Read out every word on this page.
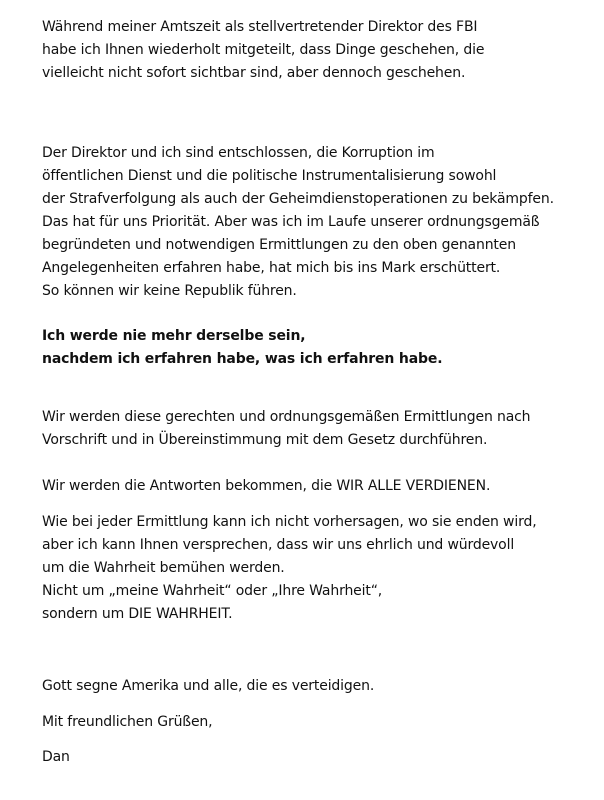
Während meiner Amtszeit als stellvertretender Direktor des FBI
habe ich Ihnen wiederholt mitgeteilt, dass Dinge geschehen, die
vielleicht nicht sofort sichtbar sind, aber dennoch geschehen.

Der Direktor und ich sind entschlossen, die Korruption im
öffentlichen Dienst und die politische Instrumentalisierung sowohl
der Strafverfolgung als auch der Geheimdienstoperationen zu bekämpfen.
Das hat für uns Priorität. Aber was ich im Laufe unserer ordnungsgemäß
begründeten und notwendigen Ermittlungen zu den oben genannten
Angelegenheiten erfahren habe, hat mich bis ins Mark erschüttert.
So können wir keine Republik führen.

Ich werde nie mehr derselbe sein,
nachdem ich erfahren habe, was ich erfahren habe.

Wir werden diese gerechten und ordnungsgemäßen Ermittlungen nach
Vorschrift und in Übereinstimmung mit dem Gesetz durchführen.

Wir werden die Antworten bekommen, die WIR ALLE VERDIENEN.

Wie bei jeder Ermittlung kann ich nicht vorhersagen, wo sie enden wird,
aber ich kann Ihnen versprechen, dass wir uns ehrlich und würdevoll
um die Wahrheit bemühen werden.
Nicht um „meine Wahrheit“ oder „Ihre Wahrheit“,
sondern um DIE WAHRHEIT.

Gott segne Amerika und alle, die es verteidigen.

Mit freundlichen Grüßen,

Dan
